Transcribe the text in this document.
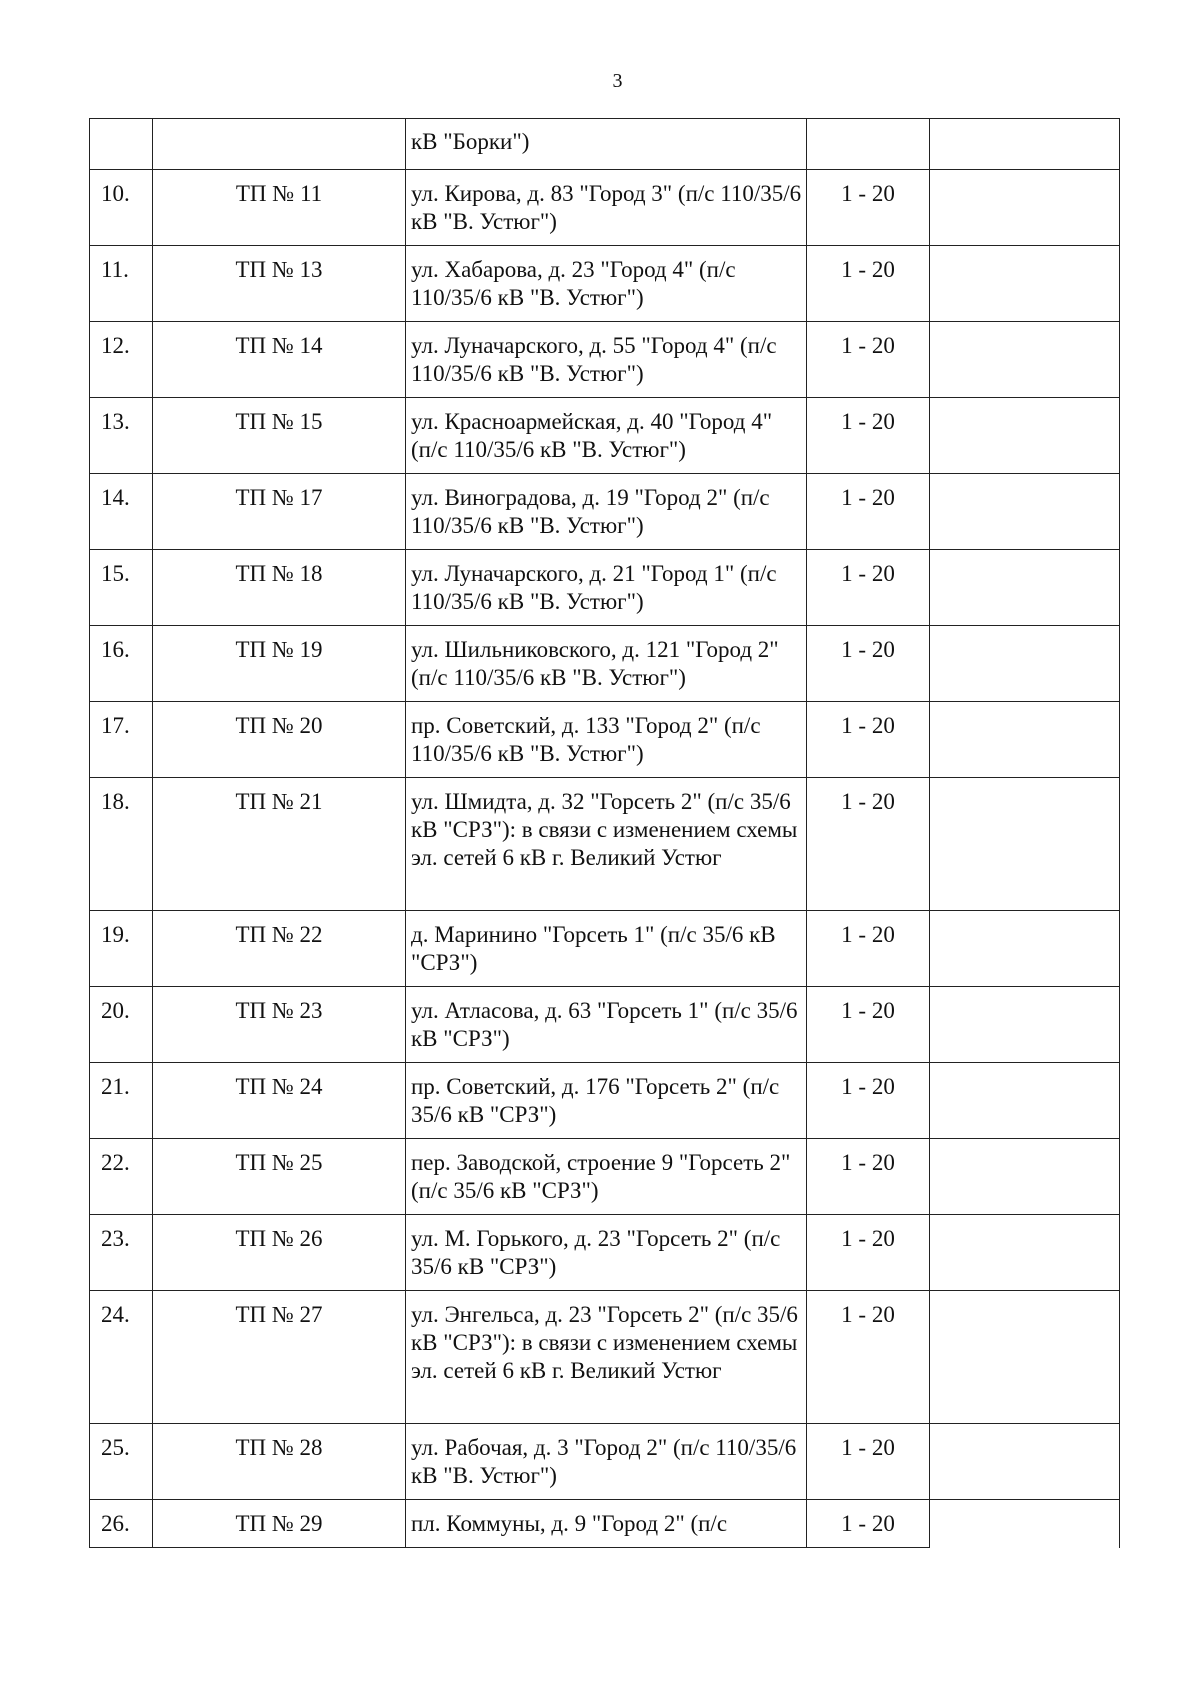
3
		кВ "Борки")		
10.	ТП № 11	ул. Кирова, д. 83 "Город 3" (п/с 110/35/6 кВ "В. Устюг")	1 - 20	
11.	ТП № 13	ул. Хабарова, д. 23 "Город 4" (п/с 110/35/6 кВ "В. Устюг")	1 - 20	
12.	ТП № 14	ул. Луначарского, д. 55 "Город 4" (п/с 110/35/6 кВ "В. Устюг")	1 - 20	
13.	ТП № 15	ул. Красноармейская, д. 40 "Город 4" (п/с 110/35/6 кВ "В. Устюг")	1 - 20	
14.	ТП № 17	ул. Виноградова, д. 19 "Город 2" (п/с 110/35/6 кВ "В. Устюг")	1 - 20	
15.	ТП № 18	ул. Луначарского, д. 21 "Город 1" (п/с 110/35/6 кВ "В. Устюг")	1 - 20	
16.	ТП № 19	ул. Шильниковского, д. 121 "Город 2" (п/с 110/35/6 кВ "В. Устюг")	1 - 20	
17.	ТП № 20	пр. Советский, д. 133 "Город 2" (п/с 110/35/6 кВ "В. Устюг")	1 - 20	
18.	ТП № 21	ул. Шмидта, д. 32 "Горсеть 2" (п/с 35/6 кВ "СРЗ"): в связи с изменением схемы эл. сетей 6 кВ г. Великий Устюг	1 - 20	
19.	ТП № 22	д. Маринино "Горсеть 1" (п/с 35/6 кВ "СРЗ")	1 - 20	
20.	ТП № 23	ул. Атласова, д. 63 "Горсеть 1" (п/с 35/6 кВ "СРЗ")	1 - 20	
21.	ТП № 24	пр. Советский, д. 176 "Горсеть 2" (п/с 35/6 кВ "СРЗ")	1 - 20	
22.	ТП № 25	пер. Заводской, строение 9 "Горсеть 2" (п/с 35/6 кВ "СРЗ")	1 - 20	
23.	ТП № 26	ул. М. Горького, д. 23 "Горсеть 2" (п/с 35/6 кВ "СРЗ")	1 - 20	
24.	ТП № 27	ул. Энгельса, д. 23 "Горсеть 2" (п/с 35/6 кВ "СРЗ"): в связи с изменением схемы эл. сетей 6 кВ г. Великий Устюг	1 - 20	
25.	ТП № 28	ул. Рабочая, д. 3 "Город 2" (п/с 110/35/6 кВ "В. Устюг")	1 - 20	
26.	ТП № 29	пл. Коммуны, д. 9 "Город 2" (п/с	1 - 20	
